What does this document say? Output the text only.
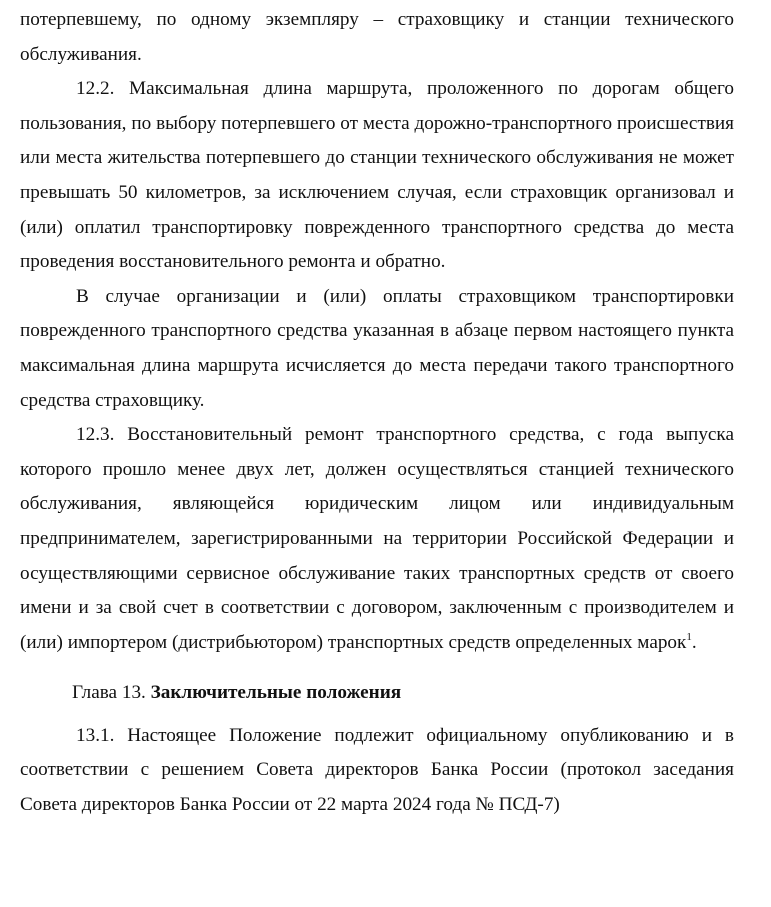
потерпевшему, по одному экземпляру – страховщику и станции технического обслуживания.

12.2. Максимальная длина маршрута, проложенного по дорогам общего пользования, по выбору потерпевшего от места дорожно-транспортного происшествия или места жительства потерпевшего до станции технического обслуживания не может превышать 50 километров, за исключением случая, если страховщик организовал и (или) оплатил транспортировку поврежденного транспортного средства до места проведения восстановительного ремонта и обратно.

В случае организации и (или) оплаты страховщиком транспортировки поврежденного транспортного средства указанная в абзаце первом настоящего пункта максимальная длина маршрута исчисляется до места передачи такого транспортного средства страховщику.

12.3. Восстановительный ремонт транспортного средства, с года выпуска которого прошло менее двух лет, должен осуществляться станцией технического обслуживания, являющейся юридическим лицом или индивидуальным предпринимателем, зарегистрированными на территории Российской Федерации и осуществляющими сервисное обслуживание таких транспортных средств от своего имени и за свой счет в соответствии с договором, заключенным с производителем и (или) импортером (дистрибьютором) транспортных средств определенных марок$^1$.

Глава 13. Заключительные положения

13.1. Настоящее Положение подлежит официальному опубликованию и в соответствии с решением Совета директоров Банка России (протокол заседания Совета директоров Банка России от 22 марта 2024 года № ПСД-7)
